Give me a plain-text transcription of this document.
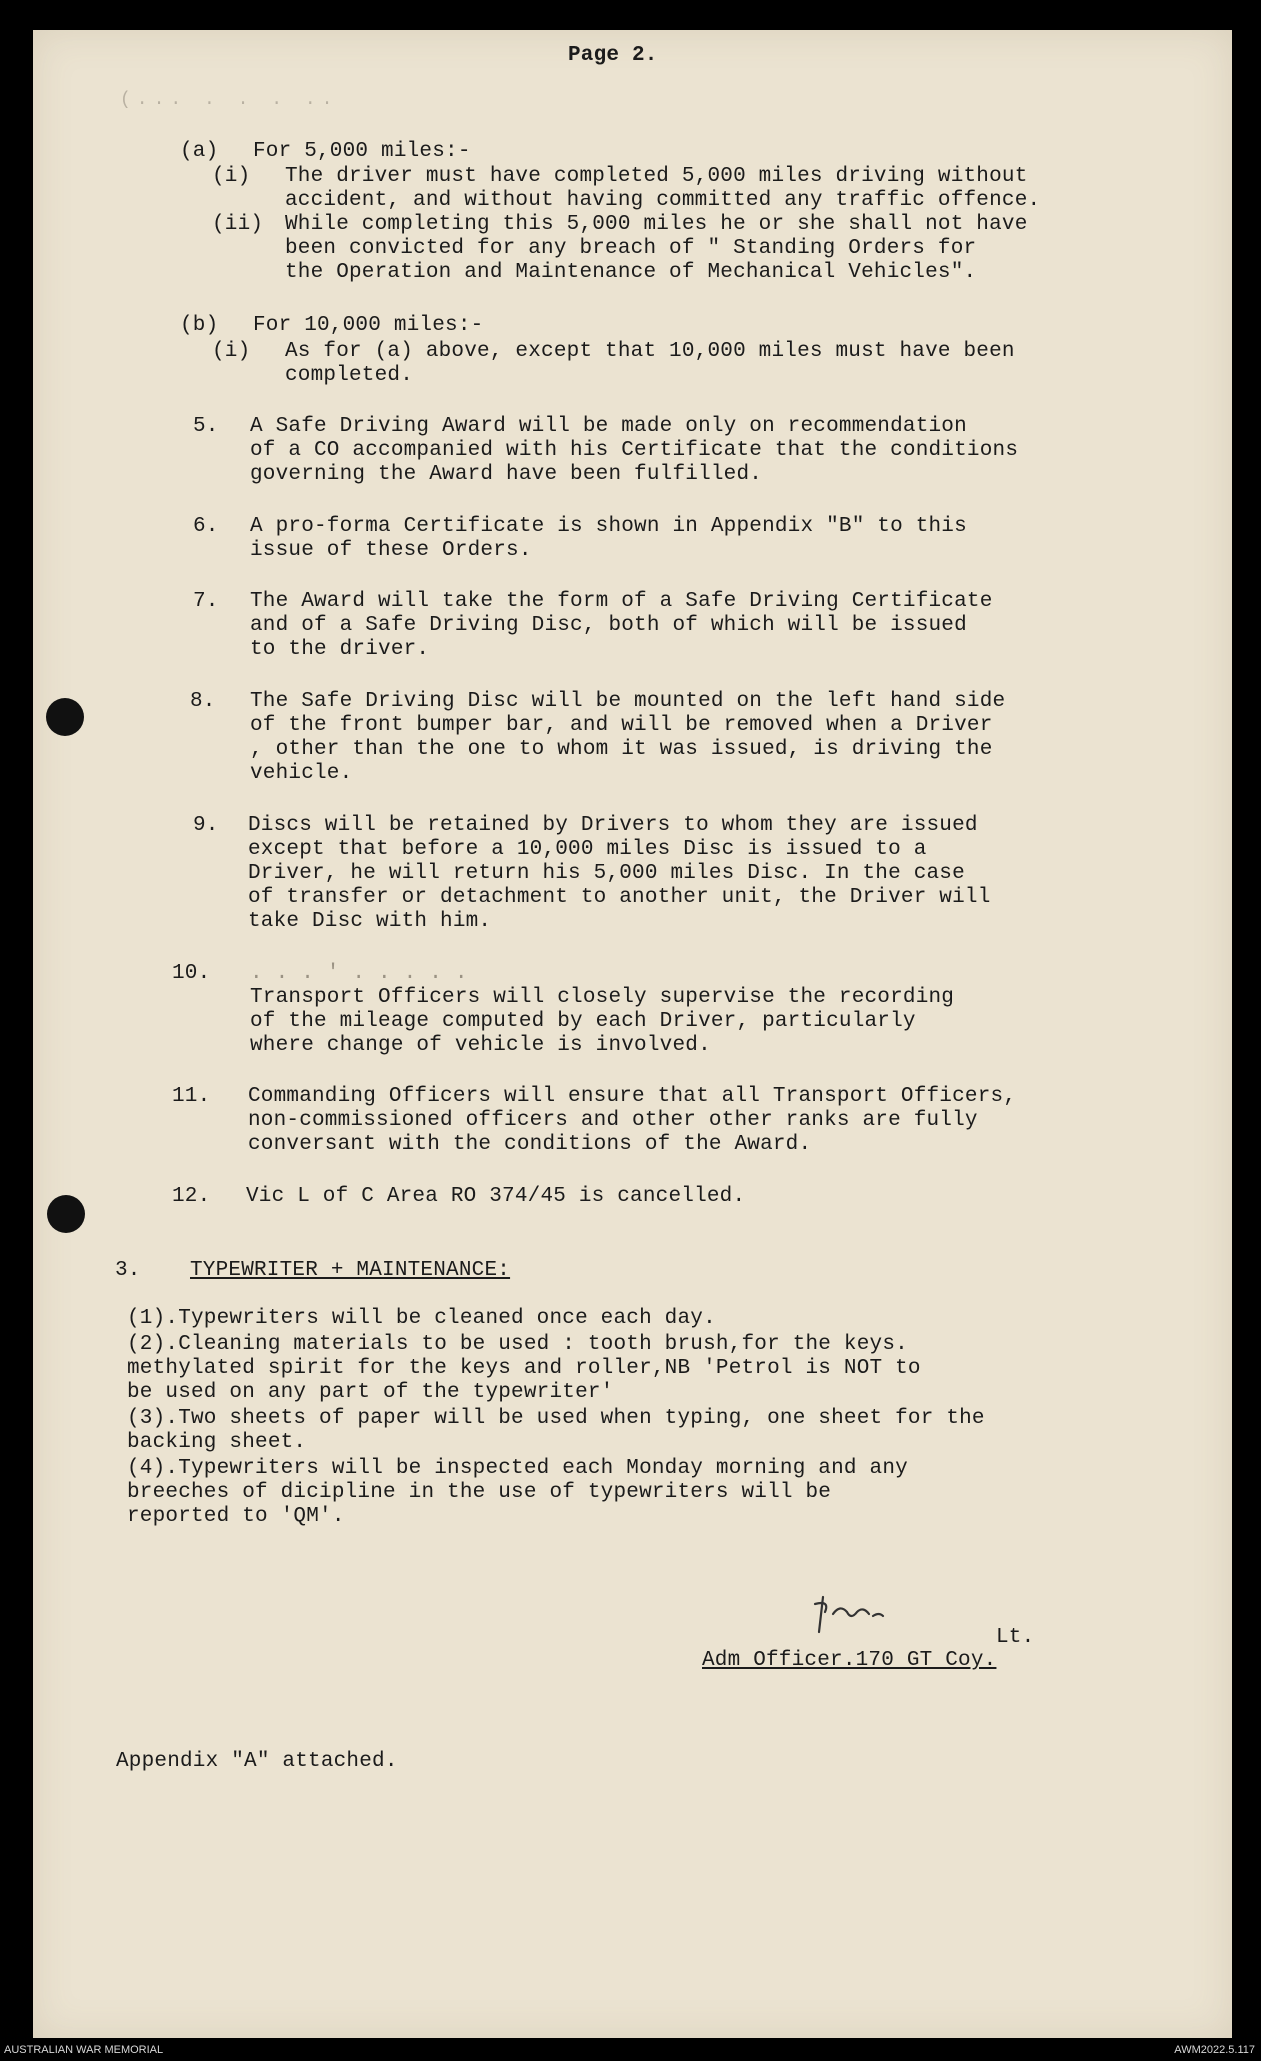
Page 2.
(... . . . ..
(a) For 5,000 miles:-
(i) The driver must have completed 5,000 miles driving without
accident, and without having committed any traffic offence.
(ii) While completing this 5,000 miles he or she shall not have
been convicted for any breach of " Standing Orders for
the Operation and Maintenance of Mechanical Vehicles".
(b) For 10,000 miles:-
(i) As for (a) above, except that 10,000 miles must have been
completed.
5. A Safe Driving Award will be made only on recommendation
of a CO accompanied with his Certificate that the conditions
governing the Award have been fulfilled.
6. A pro-forma Certificate is shown in Appendix "B" to this
issue of these Orders.
7. The Award will take the form of a Safe Driving Certificate
and of a Safe Driving Disc, both of which will be issued
to the driver.
8. The Safe Driving Disc will be mounted on the left hand side
of the front bumper bar, and will be removed when a Driver
, other than the one to whom it was issued, is driving the
vehicle.
9. Discs will be retained by Drivers to whom they are issued
except that before a 10,000 miles Disc is issued to a
Driver, he will return his 5,000 miles Disc. In the case
of transfer or detachment to another unit, the Driver will
take Disc with him.
10. . . . ' . . . . .
Transport Officers will closely supervise the recording
of the mileage computed by each Driver, particularly
where change of vehicle is involved.
11. Commanding Officers will ensure that all Transport Officers,
non-commissioned officers and other other ranks are fully
conversant with the conditions of the Award.
12. Vic L of C Area RO 374/45 is cancelled.
3. TYPEWRITER + MAINTENANCE:
(1).Typewriters will be cleaned once each day.
(2).Cleaning materials to be used : tooth brush,for the keys.
methylated spirit for the keys and roller,NB 'Petrol is NOT to
be used on any part of the typewriter'
(3).Two sheets of paper will be used when typing, one sheet for the
backing sheet.
(4).Typewriters will be inspected each Monday morning and any
breeches of dicipline in the use of typewriters will be
reported to 'QM'.
Lt.
Adm Officer.170 GT Coy.
Appendix "A" attached.
AUSTRALIAN WAR MEMORIAL	AWM2022.5.117
